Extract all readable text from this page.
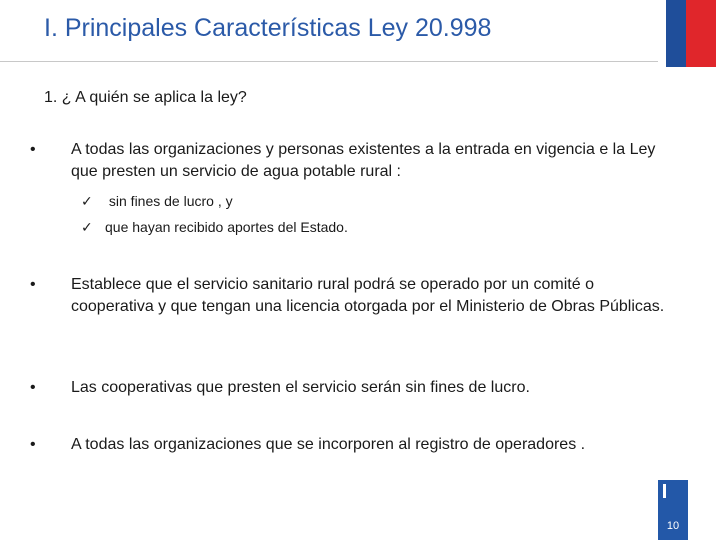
I. Principales Características Ley 20.998
1. ¿ A quién se aplica la ley?
• A todas las organizaciones y personas existentes a la entrada en vigencia e la Ley que presten un servicio de agua potable rural :
✓ sin fines de lucro , y
✓ que hayan recibido aportes del Estado.
• Establece que el servicio sanitario rural podrá se operado por un comité o cooperativa y que tengan una licencia otorgada por el Ministerio de Obras Públicas.
• Las cooperativas que presten el servicio serán sin fines de lucro.
• A todas las organizaciones que se incorporen al registro de operadores .
10
